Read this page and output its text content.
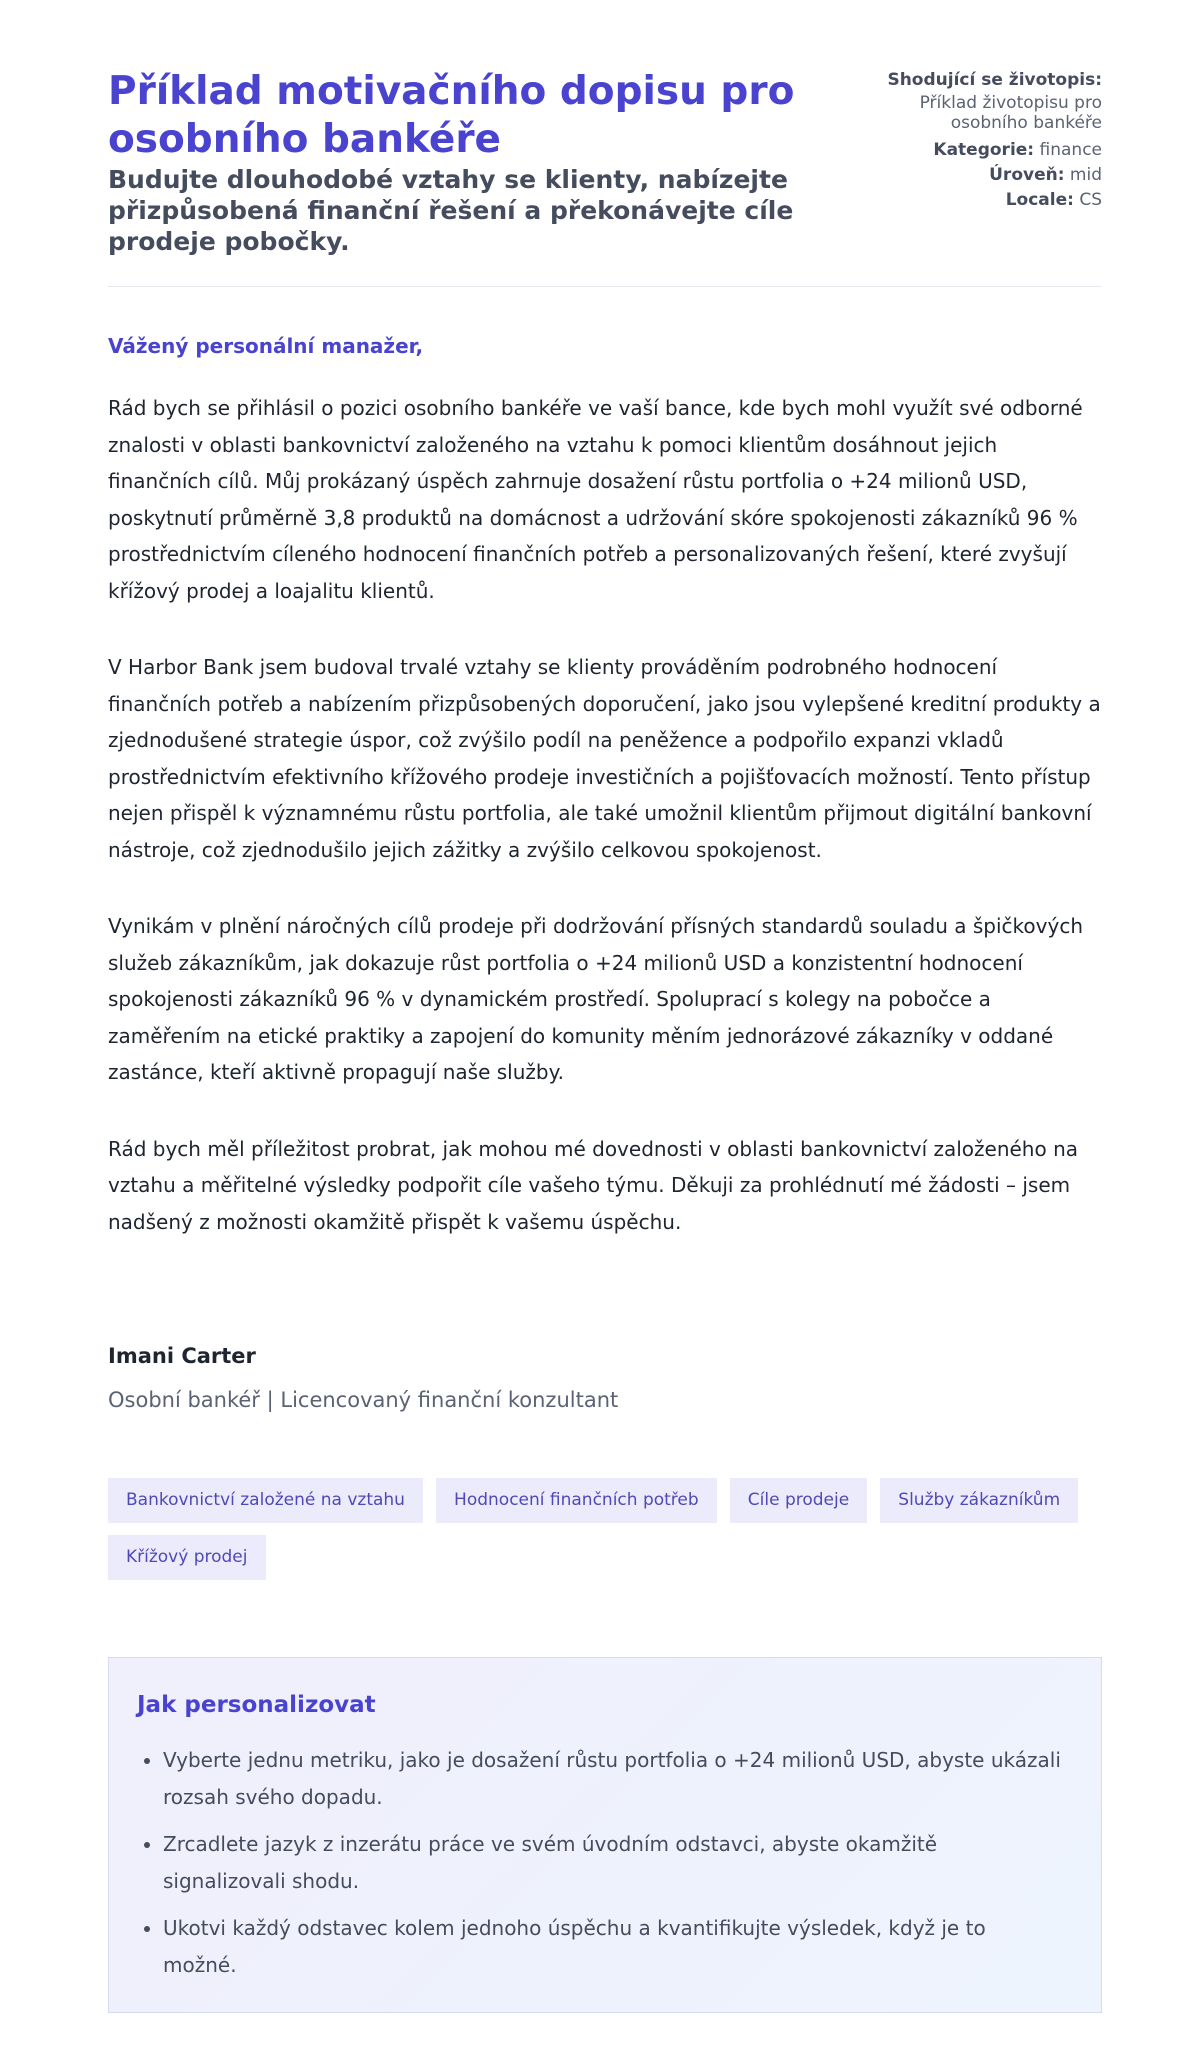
Příklad motivačního dopisu pro osobního bankéře
Budujte dlouhodobé vztahy se klienty, nabízejte přizpůsobená finanční řešení a překonávejte cíle prodeje pobočky.
Shodující se životopis:
Příklad životopisu pro osobního bankéře
Kategorie: finance
Úroveň: mid
Locale: CS
Vážený personální manažer,

Rád bych se přihlásil o pozici osobního bankéře ve vaší bance, kde bych mohl využít své odborné znalosti v oblasti bankovnictví založeného na vztahu k pomoci klientům dosáhnout jejich finančních cílů. Můj prokázaný úspěch zahrnuje dosažení růstu portfolia o +24 milionů USD, poskytnutí průměrně 3,8 produktů na domácnost a udržování skóre spokojenosti zákazníků 96 % prostřednictvím cíleného hodnocení finančních potřeb a personalizovaných řešení, které zvyšují křížový prodej a loajalitu klientů.

V Harbor Bank jsem budoval trvalé vztahy se klienty prováděním podrobného hodnocení finančních potřeb a nabízením přizpůsobených doporučení, jako jsou vylepšené kreditní produkty a zjednodušené strategie úspor, což zvýšilo podíl na peněžence a podpořilo expanzi vkladů prostřednictvím efektivního křížového prodeje investičních a pojišťovacích možností. Tento přístup nejen přispěl k významnému růstu portfolia, ale také umožnil klientům přijmout digitální bankovní nástroje, což zjednodušilo jejich zážitky a zvýšilo celkovou spokojenost.

Vynikám v plnění náročných cílů prodeje při dodržování přísných standardů souladu a špičkových služeb zákazníkům, jak dokazuje růst portfolia o +24 milionů USD a konzistentní hodnocení spokojenosti zákazníků 96 % v dynamickém prostředí. Spoluprací s kolegy na pobočce a zaměřením na etické praktiky a zapojení do komunity měním jednorázové zákazníky v oddané zastánce, kteří aktivně propagují naše služby.

Rád bych měl příležitost probrat, jak mohou mé dovednosti v oblasti bankovnictví založeného na vztahu a měřitelné výsledky podpořit cíle vašeho týmu. Děkuji za prohlédnutí mé žádosti – jsem nadšený z možnosti okamžitě přispět k vašemu úspěchu.

Imani Carter
Osobní bankéř | Licencovaný finanční konzultant
Bankovnictví založené na vztahu	Hodnocení finančních potřeb	Cíle prodeje	Služby zákazníkům Křížový prodej
Jak personalizovat
• Vyberte jednu metriku, jako je dosažení růstu portfolia o +24 milionů USD, abyste ukázali rozsah svého dopadu.
• Zrcadlete jazyk z inzerátu práce ve svém úvodním odstavci, abyste okamžitě signalizovali shodu.
• Ukotvi každý odstavec kolem jednoho úspěchu a kvantifikujte výsledek, když je to možné.
